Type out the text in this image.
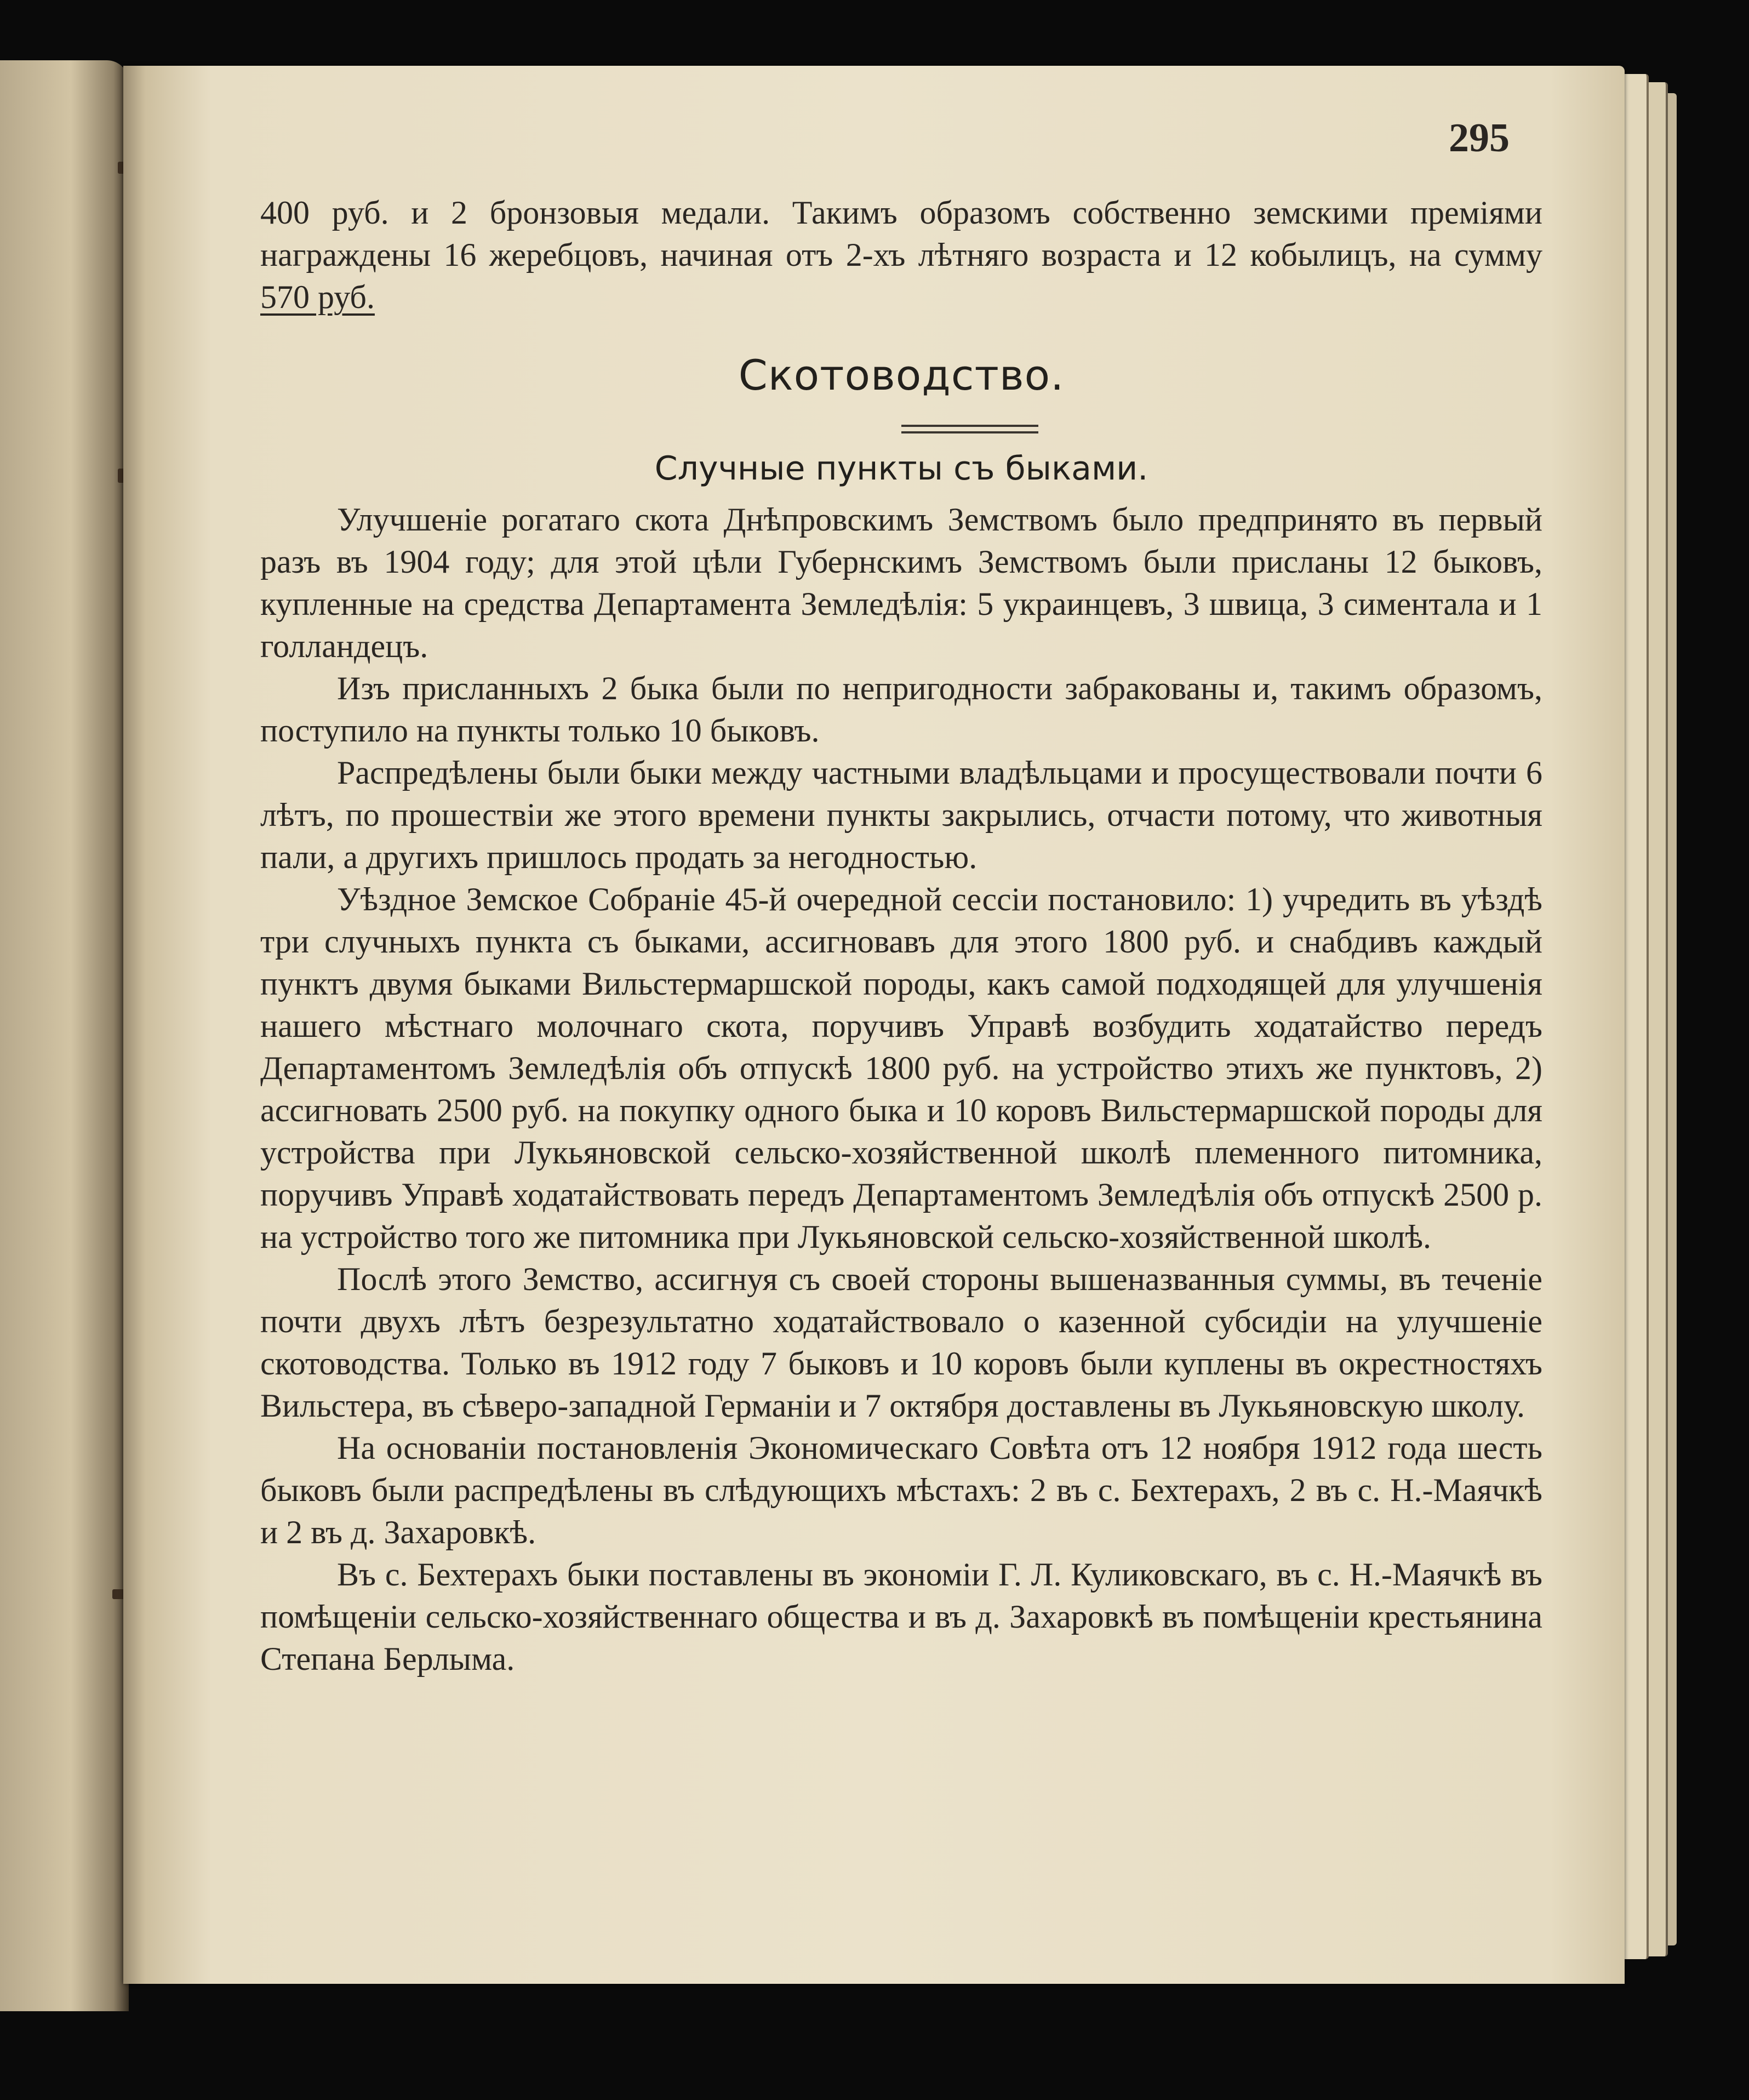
295

400 руб. и 2 бронзовыя медали. Такимъ образомъ собственно земскими преміями награждены 16 жеребцовъ, начиная отъ 2-хъ лѣтняго возраста и 12 кобылицъ, на сумму 570 руб.

Скотоводство.
Случные пункты съ быками.

Улучшеніе рогатаго скота Днѣпровскимъ Земствомъ было предпринято въ первый разъ въ 1904 году; для этой цѣли Губернскимъ Земствомъ были присланы 12 быковъ, купленные на средства Департамента Земледѣлія: 5 украинцевъ, 3 швица, 3 симентала и 1 голландецъ.

Изъ присланныхъ 2 быка были по непригодности забракованы и, такимъ образомъ, поступило на пункты только 10 быковъ.

Распредѣлены были быки между частными владѣльцами и просуществовали почти 6 лѣтъ, по прошествіи же этого времени пункты закрылись, отчасти потому, что животныя пали, а другихъ пришлось продать за негодностью.

Уѣздное Земское Собраніе 45-й очередной сессіи постановило: 1) учредить въ уѣздѣ три случныхъ пункта съ быками, ассигновавъ для этого 1800 руб. и снабдивъ каждый пунктъ двумя быками Вильстермаршской породы, какъ самой подходящей для улучшенія нашего мѣстнаго молочнаго скота, поручивъ Управѣ возбудить ходатайство передъ Департаментомъ Земледѣлія объ отпускѣ 1800 руб. на устройство этихъ же пунктовъ, 2) ассигновать 2500 руб. на покупку одного быка и 10 коровъ Вильстермаршской породы для устройства при Лукьяновской сельско-хозяйственной школѣ племенного питомника, поручивъ Управѣ ходатайствовать передъ Департаментомъ Земледѣлія объ отпускѣ 2500 р. на устройство того же питомника при Лукьяновской сельско-хозяйственной школѣ.

Послѣ этого Земство, ассигнуя съ своей стороны вышеназванныя суммы, въ теченіе почти двухъ лѣтъ безрезультатно ходатайствовало о казенной субсидіи на улучшеніе скотоводства. Только въ 1912 году 7 быковъ и 10 коровъ были куплены въ окрестностяхъ Вильстера, въ сѣверо-западной Германіи и 7 октября доставлены въ Лукьяновскую школу.

На основаніи постановленія Экономическаго Совѣта отъ 12 ноября 1912 года шесть быковъ были распредѣлены въ слѣдующихъ мѣстахъ: 2 въ с. Бехтерахъ, 2 въ с. Н.-Маячкѣ и 2 въ д. Захаровкѣ.

Въ с. Бехтерахъ быки поставлены въ экономіи Г. Л. Куликовскаго, въ с. Н.-Маячкѣ въ помѣщеніи сельско-хозяйственнаго общества и въ д. Захаровкѣ въ помѣщеніи крестьянина Степана Берлыма.
